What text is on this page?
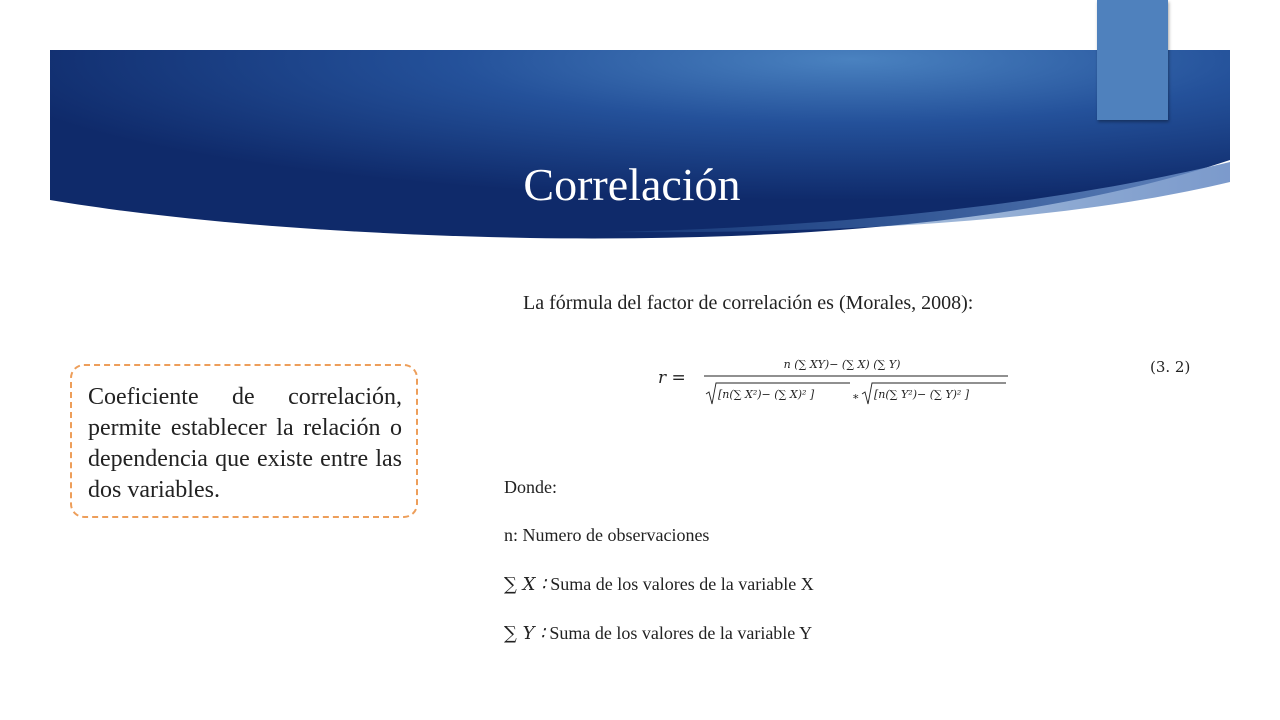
Correlación

Coeficiente de correlación, permite establecer la relación o dependencia que existe entre las dos variables.

La fórmula del factor de correlación es (Morales, 2008):
r =
n (∑ XY)− (∑ X) (∑ Y)
[n(∑ X²)− (∑ X)² ]	∗ [n(∑ Y²)− (∑ Y)² ]
(3. 2)
Donde:
n: Numero de observaciones
∑ X ∶ Suma de los valores de la variable X
∑ Y ∶ Suma de los valores de la variable Y
